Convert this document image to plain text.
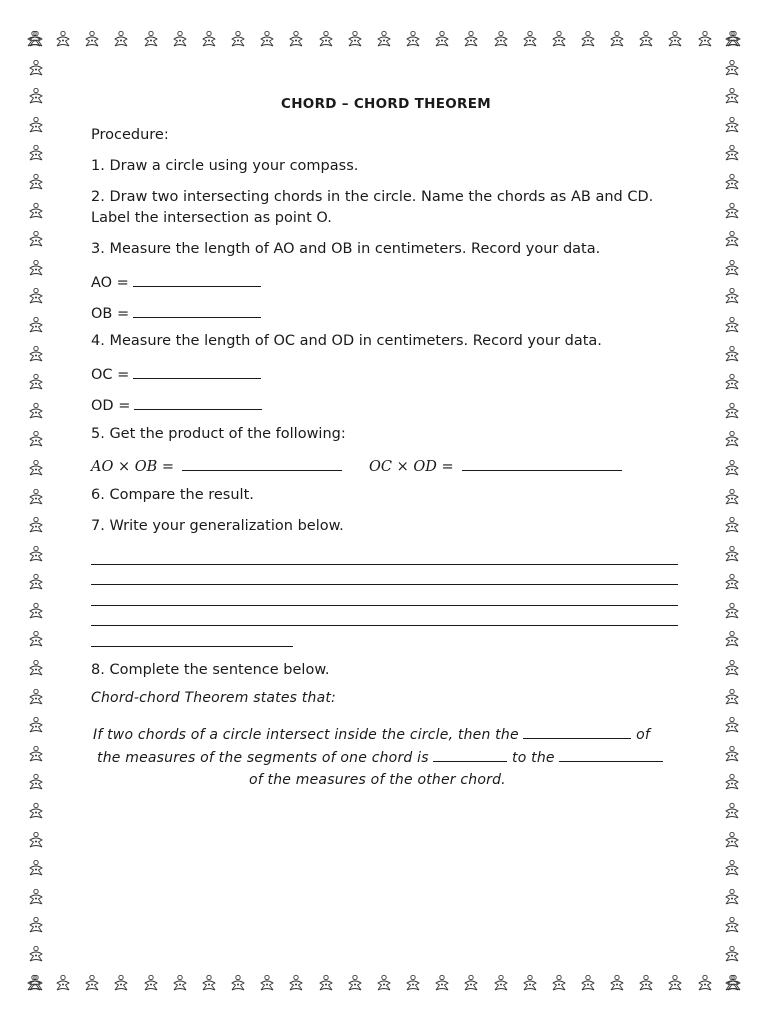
CHORD – CHORD THEOREM
Procedure:
1. Draw a circle using your compass.
2. Draw two intersecting chords in the circle. Name the chords as AB and CD.
Label the intersection as point O.
3. Measure the length of AO and OB in centimeters. Record your data.
AO =
OB =
4. Measure the length of OC and OD in centimeters. Record your data.
OC =
OD =
5. Get the product of the following:
AO × OB =	OC × OD =
6. Compare the result.
7. Write your generalization below.
8. Complete the sentence below.
Chord-chord Theorem states that:
If two chords of a circle intersect inside the circle, then the	of
the measures of the segments of one chord is	to the
of the measures of the other chord.
